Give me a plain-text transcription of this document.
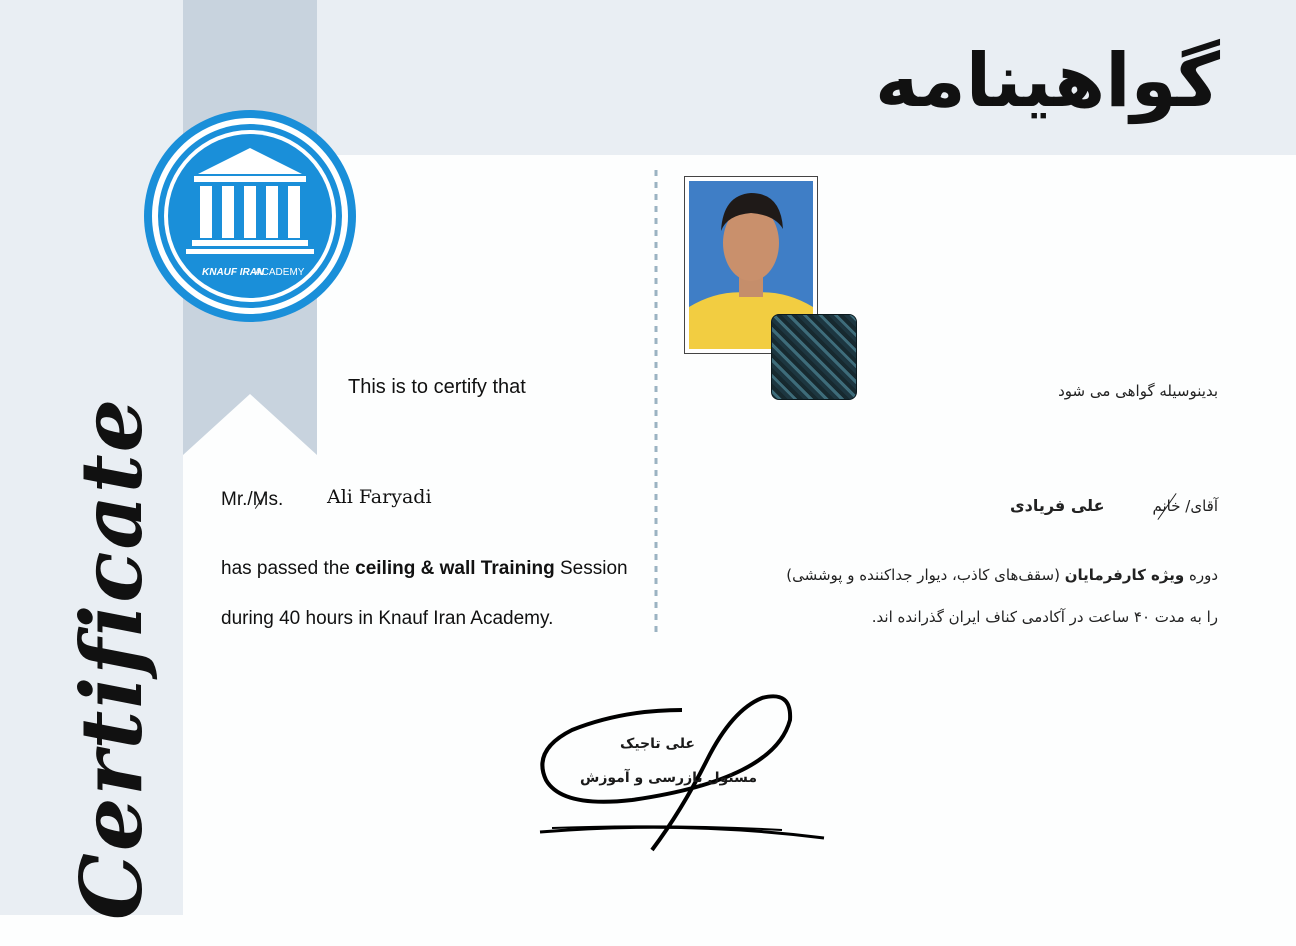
KNAUF IRAN
ACADEMY
Certificate
گواهینامه
This is to certify that
Mr./Ms. Ali Faryadi
has passed the ceiling & wall Training Session
during 40 hours in Knauf Iran Academy.
بدینوسیله گواهی می شود
آقای/ خانمعلی فریادی
دوره ویژه کارفرمایان (سقف‌های کاذب، دیوار جداکننده و پوششی)
را به مدت ۴۰ ساعت در آکادمی کناف ایران گذرانده اند.
علی تاجیک
مسئول بازرسی و آموزش
